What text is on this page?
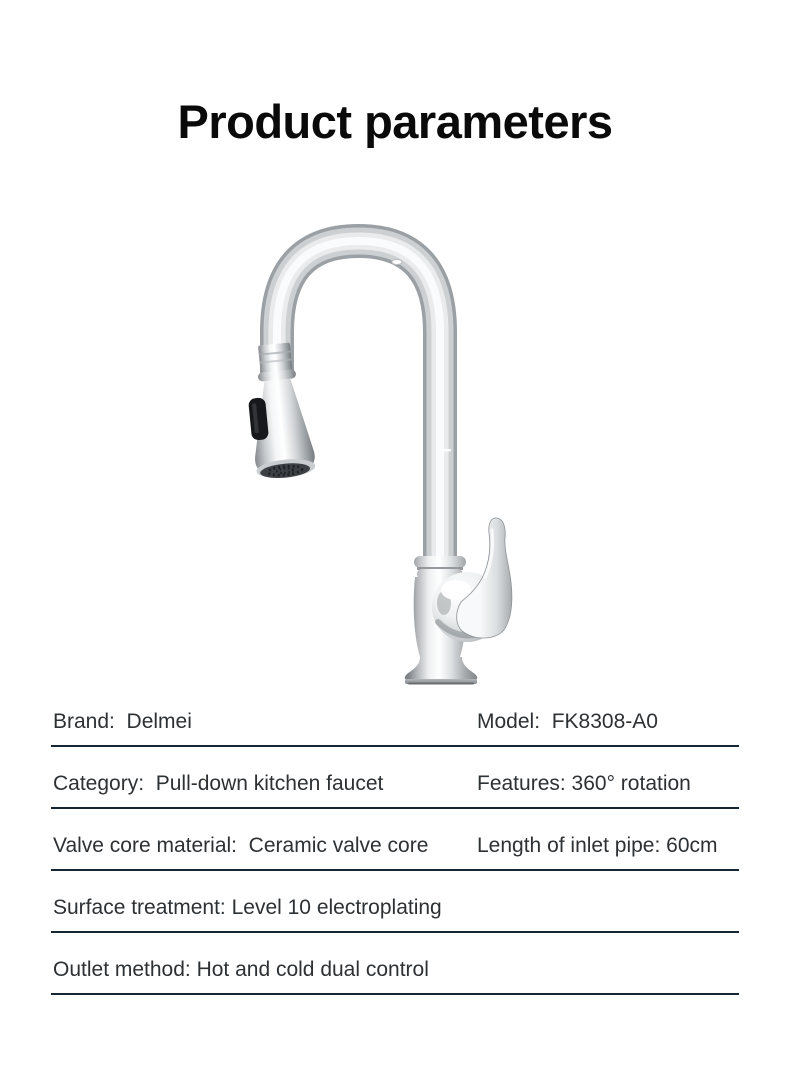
Product parameters
Brand:  Delmei	Model:  FK8308-A0
Category:  Pull-down kitchen faucet	Features: 360° rotation
Valve core material:  Ceramic valve core	Length of inlet pipe: 60cm
Surface treatment: Level 10 electroplating
Outlet method: Hot and cold dual control
